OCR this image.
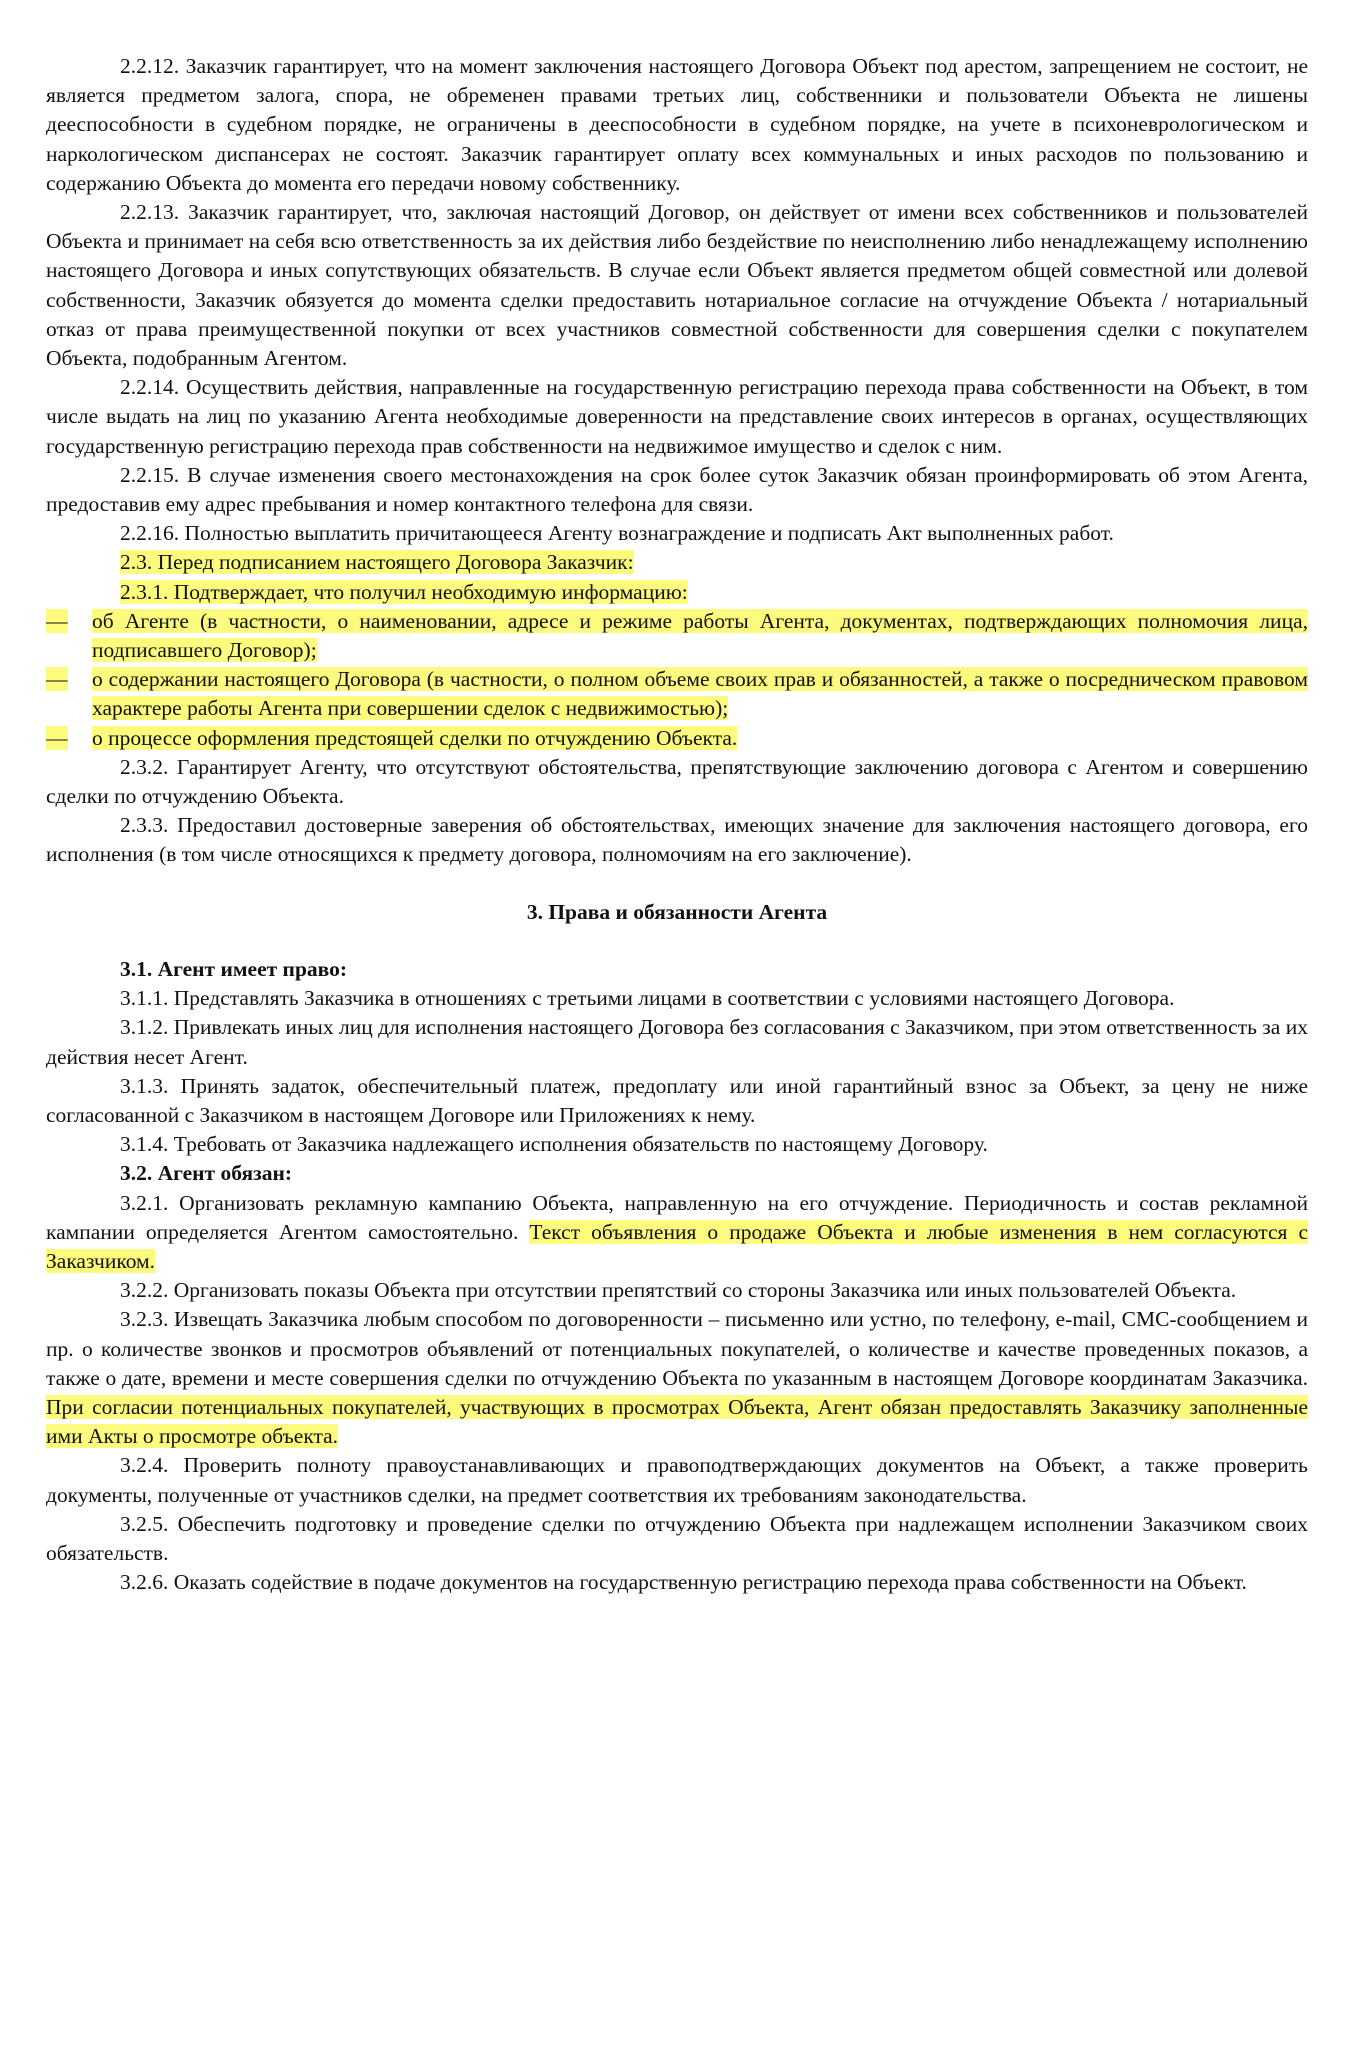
2.2.12. Заказчик гарантирует, что на момент заключения настоящего Договора Объект под арестом, запрещением не состоит, не является предметом залога, спора, не обременен правами третьих лиц, собственники и пользователи Объекта не лишены дееспособности в судебном порядке, не ограничены в дееспособности в судебном порядке, на учете в психоневрологическом и наркологическом диспансерах не состоят. Заказчик гарантирует оплату всех коммунальных и иных расходов по пользованию и содержанию Объекта до момента его передачи новому собственнику.

2.2.13. Заказчик гарантирует, что, заключая настоящий Договор, он действует от имени всех собственников и пользователей Объекта и принимает на себя всю ответственность за их действия либо бездействие по неисполнению либо ненадлежащему исполнению настоящего Договора и иных сопутствующих обязательств. В случае если Объект является предметом общей совместной или долевой собственности, Заказчик обязуется до момента сделки предоставить нотариальное согласие на отчуждение Объекта / нотариальный отказ от права преимущественной покупки от всех участников совместной собственности для совершения сделки с покупателем Объекта, подобранным Агентом.

2.2.14. Осуществить действия, направленные на государственную регистрацию перехода права собственности на Объект, в том числе выдать на лиц по указанию Агента необходимые доверенности на представление своих интересов в органах, осуществляющих государственную регистрацию перехода прав собственности на недвижимое имущество и сделок с ним.

2.2.15. В случае изменения своего местонахождения на срок более суток Заказчик обязан проинформировать об этом Агента, предоставив ему адрес пребывания и номер контактного телефона для связи.

2.2.16. Полностью выплатить причитающееся Агенту вознаграждение и подписать Акт выполненных работ.

2.3. Перед подписанием настоящего Договора Заказчик:

2.3.1. Подтверждает, что получил необходимую информацию:

—	об Агенте (в частности, о наименовании, адресе и режиме работы Агента, документах, подтверждающих полномочия лица, подписавшего Договор);
—	о содержании настоящего Договора (в частности, о полном объеме своих прав и обязанностей, а также о посредническом правовом характере работы Агента при совершении сделок с недвижимостью);
—	о процессе оформления предстоящей сделки по отчуждению Объекта.

2.3.2. Гарантирует Агенту, что отсутствуют обстоятельства, препятствующие заключению договора с Агентом и совершению сделки по отчуждению Объекта.

2.3.3. Предоставил достоверные заверения об обстоятельствах, имеющих значение для заключения настоящего договора, его исполнения (в том числе относящихся к предмету договора, полномочиям на его заключение).

3. Права и обязанности Агента

3.1. Агент имеет право:

3.1.1. Представлять Заказчика в отношениях с третьими лицами в соответствии с условиями настоящего Договора.

3.1.2. Привлекать иных лиц для исполнения настоящего Договора без согласования с Заказчиком, при этом ответственность за их действия несет Агент.

3.1.3. Принять задаток, обеспечительный платеж, предоплату или иной гарантийный взнос за Объект, за цену не ниже согласованной с Заказчиком в настоящем Договоре или Приложениях к нему.

3.1.4. Требовать от Заказчика надлежащего исполнения обязательств по настоящему Договору.

3.2. Агент обязан:

3.2.1. Организовать рекламную кампанию Объекта, направленную на его отчуждение. Периодичность и состав рекламной кампании определяется Агентом самостоятельно. Текст объявления о продаже Объекта и любые изменения в нем согласуются с Заказчиком.

3.2.2. Организовать показы Объекта при отсутствии препятствий со стороны Заказчика или иных пользователей Объекта.

3.2.3. Извещать Заказчика любым способом по договоренности – письменно или устно, по телефону, e-mail, СМС-сообщением и пр. о количестве звонков и просмотров объявлений от потенциальных покупателей, о количестве и качестве проведенных показов, а также о дате, времени и месте совершения сделки по отчуждению Объекта по указанным в настоящем Договоре координатам Заказчика. При согласии потенциальных покупателей, участвующих в просмотрах Объекта, Агент обязан предоставлять Заказчику заполненные ими Акты о просмотре объекта.

3.2.4. Проверить полноту правоустанавливающих и правоподтверждающих документов на Объект, а также проверить документы, полученные от участников сделки, на предмет соответствия их требованиям законодательства.

3.2.5. Обеспечить подготовку и проведение сделки по отчуждению Объекта при надлежащем исполнении Заказчиком своих обязательств.

3.2.6. Оказать содействие в подаче документов на государственную регистрацию перехода права собственности на Объект.
